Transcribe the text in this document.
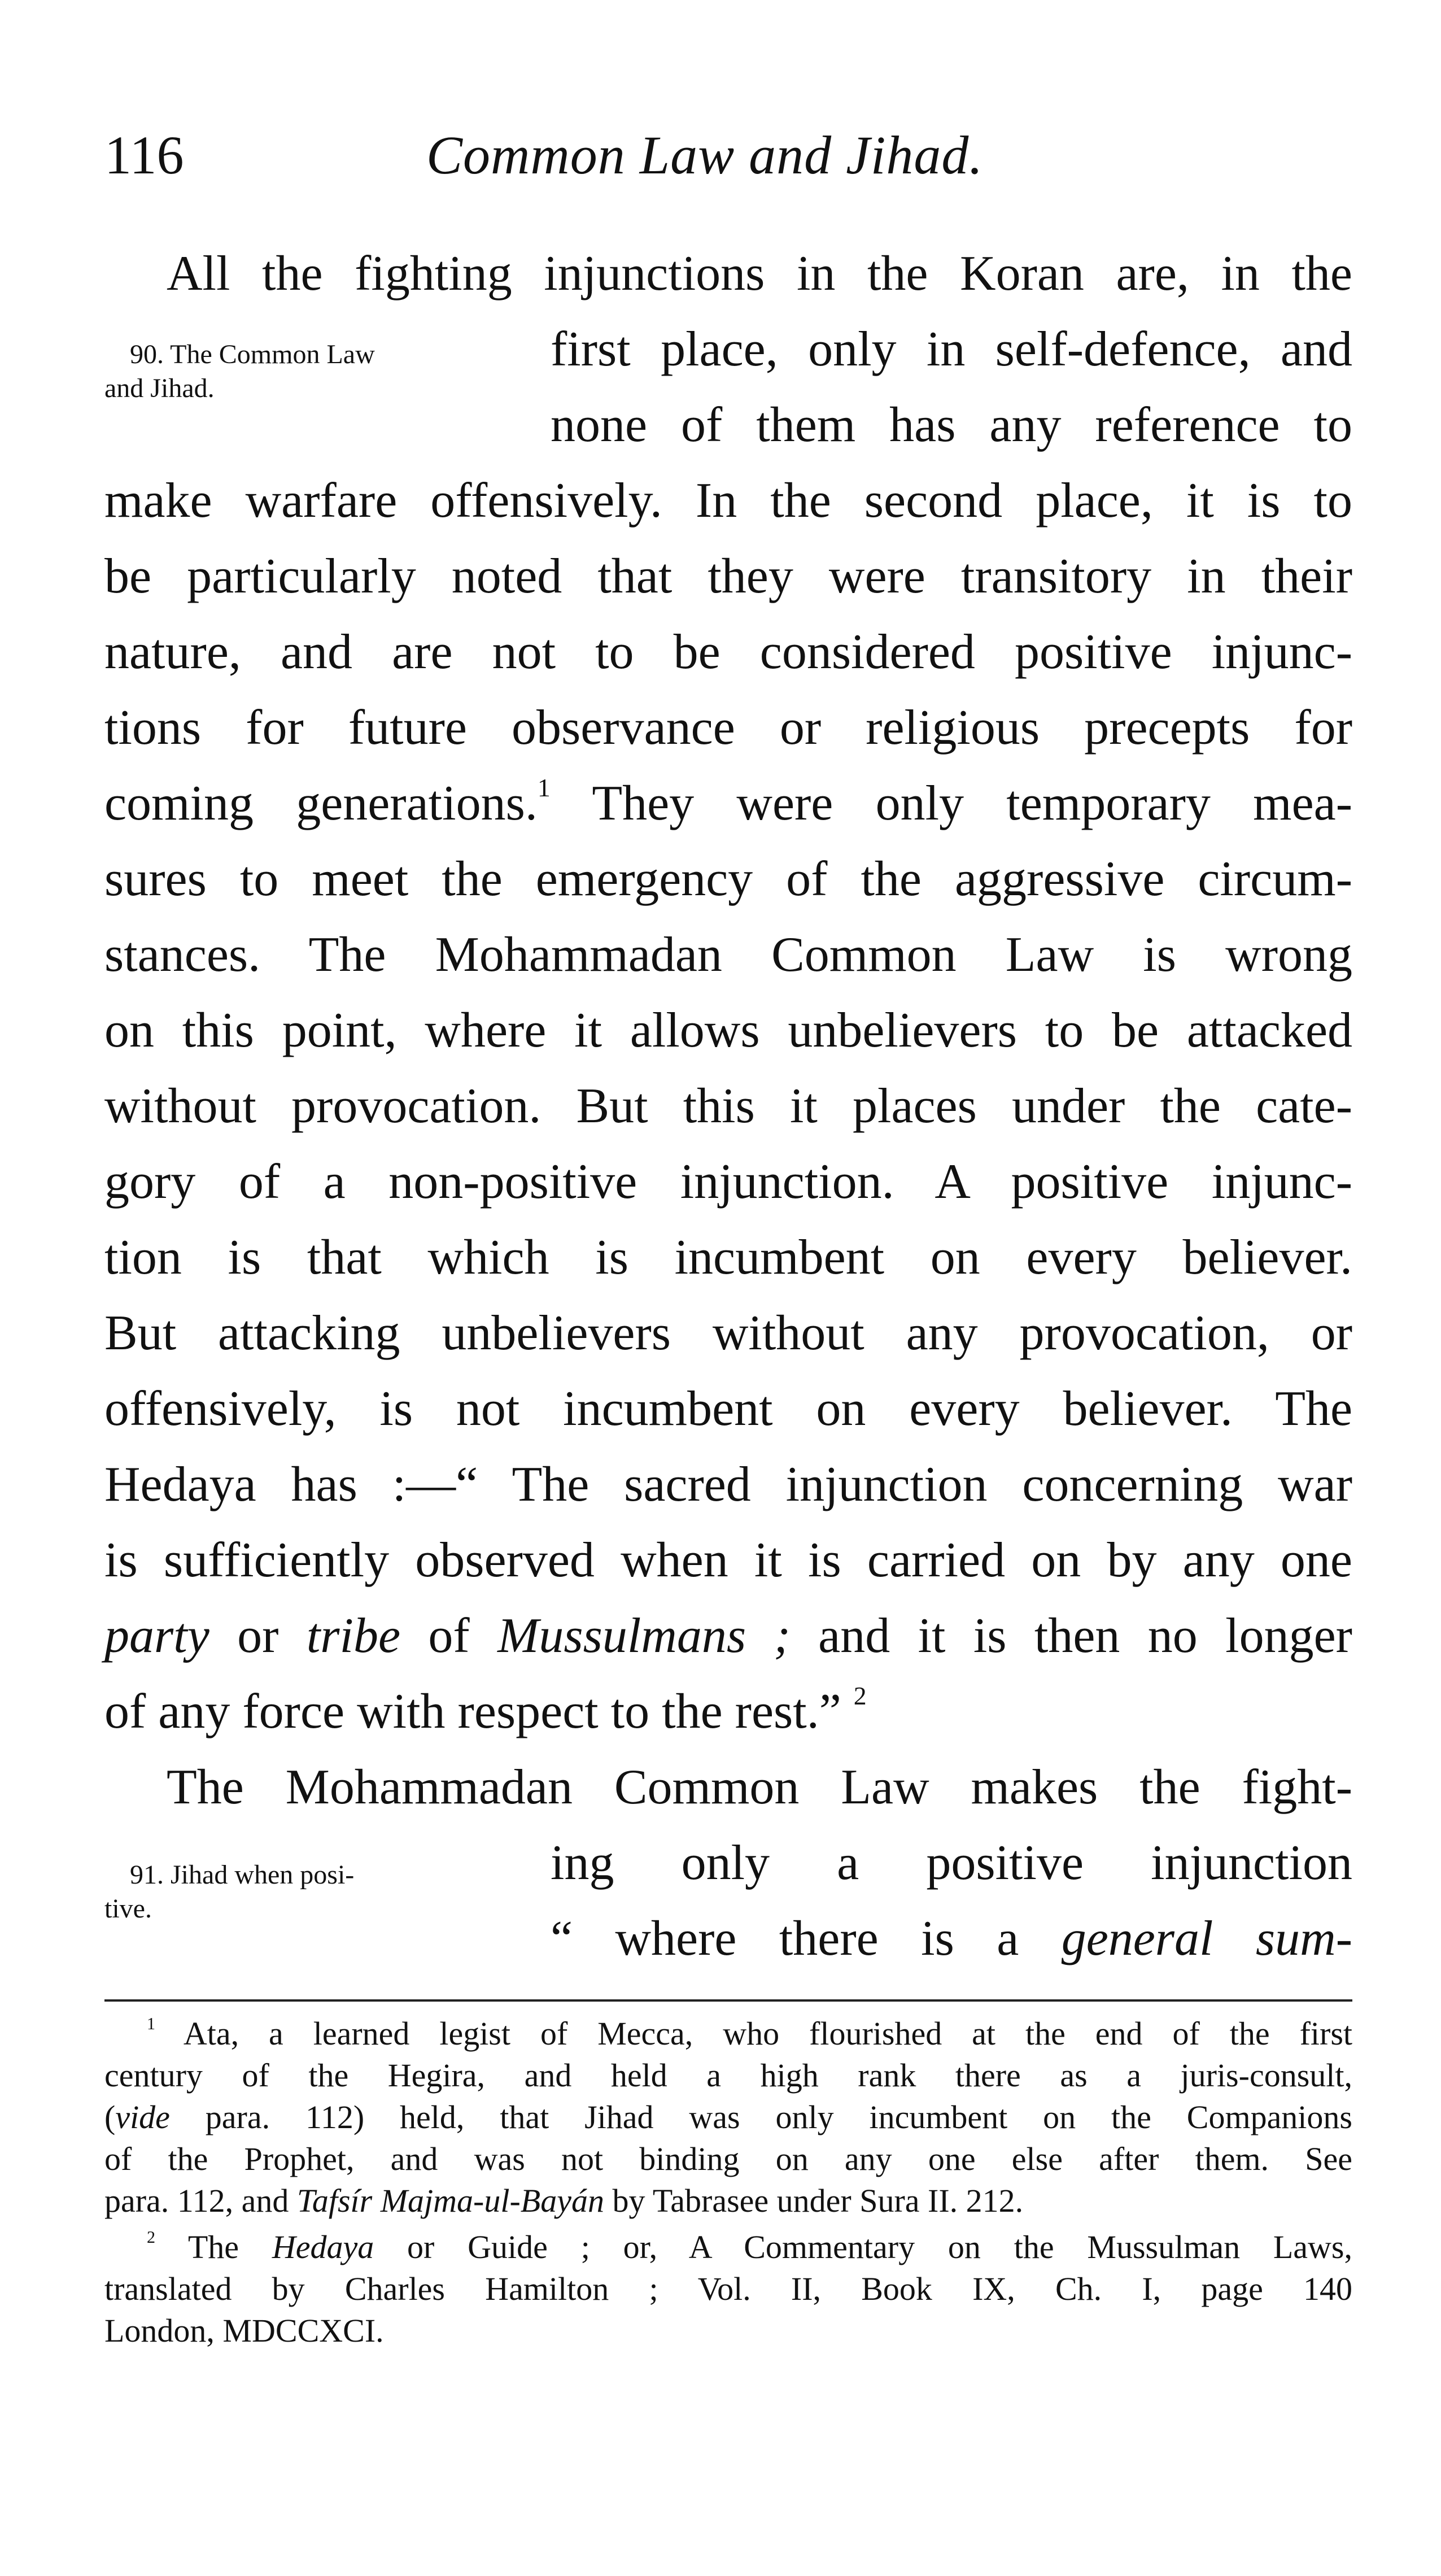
116	Common Law and Jihad.
90. The Common Law
and Jihad.
91. Jihad when posi-
tive.
All the fighting injunctions in the Koran are, in the
first place, only in self-defence, and
none of them has any reference to
make warfare offensively. In the second place, it is to
be particularly noted that they were transitory in their
nature, and are not to be considered positive injunc-
tions for future observance or religious precepts for
coming generations.$^1$ They were only temporary mea-
sures to meet the emergency of the aggressive circum-
stances. The Mohammadan Common Law is wrong
on this point, where it allows unbelievers to be attacked
without provocation. But this it places under the cate-
gory of a non-positive injunction. A positive injunc-
tion is that which is incumbent on every believer.
But attacking unbelievers without any provocation, or
offensively, is not incumbent on every believer. The
Hedaya has :—“ The sacred injunction concerning war
is sufficiently observed when it is carried on by any one
party or tribe of Mussulmans ; and it is then no longer
of any force with respect to the rest.” $^2$
The Mohammadan Common Law makes the fight-
ing only a positive injunction
“ where there is a general sum-
$^1$ Ata, a learned legist of Mecca, who flourished at the end of the first
century of the Hegira, and held a high rank there as a juris-consult,
(vide para. 112) held, that Jihad was only incumbent on the Companions
of the Prophet, and was not binding on any one else after them. See
para. 112, and Tafsír Majma-ul-Bayán by Tabrasee under Sura II. 212.
$^2$ The Hedaya or Guide ; or, A Commentary on the Mussulman Laws,
translated by Charles Hamilton ; Vol. II, Book IX, Ch. I, page 140
London, MDCCXCI.
